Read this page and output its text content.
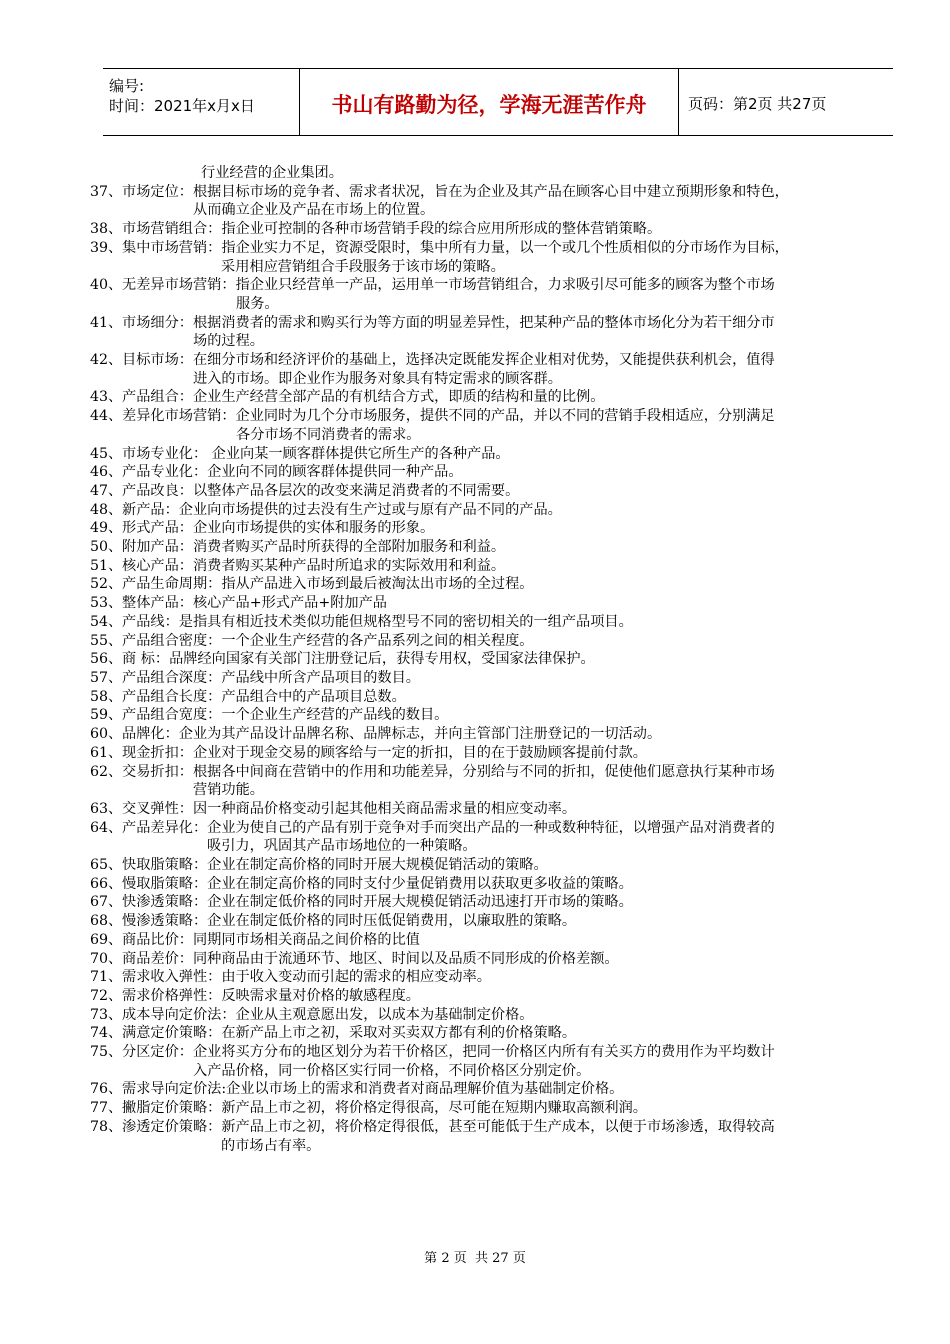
编号:
时间：2021年x月x日	书山有路勤为径，学海无涯苦作舟	页码：第2页 共27页
行业经营的企业集团。
37、 市场定位：根据目标市场的竞争者、需求者状况，旨在为企业及其产品在顾客心目中建立预期形象和特色，
从而确立企业及产品在市场上的位置。
38、 市场营销组合：指企业可控制的各种市场营销手段的综合应用所形成的整体营销策略。
39、 集中市场营销：指企业实力不足，资源受限时，集中所有力量，以一个或几个性质相似的分市场作为目标，
采用相应营销组合手段服务于该市场的策略。
40、 无差异市场营销：指企业只经营单一产品，运用单一市场营销组合，力求吸引尽可能多的顾客为整个市场
服务。
41、 市场细分：根据消费者的需求和购买行为等方面的明显差异性，把某种产品的整体市场化分为若干细分市
场的过程。
42、 目标市场：在细分市场和经济评价的基础上，选择决定既能发挥企业相对优势，又能提供获利机会，值得
进入的市场。即企业作为服务对象具有特定需求的顾客群。
43、 产品组合：企业生产经营全部产品的有机结合方式，即质的结构和量的比例。
44、 差异化市场营销：企业同时为几个分市场服务，提供不同的产品，并以不同的营销手段相适应，分别满足
各分市场不同消费者的需求。
45、 市场专业化： 企业向某一顾客群体提供它所生产的各种产品。
46、 产品专业化：企业向不同的顾客群体提供同一种产品。
47、 产品改良：以整体产品各层次的改变来满足消费者的不同需要。
48、 新产品：企业向市场提供的过去没有生产过或与原有产品不同的产品。
49、 形式产品：企业向市场提供的实体和服务的形象。
50、 附加产品：消费者购买产品时所获得的全部附加服务和利益。
51、 核心产品：消费者购买某种产品时所追求的实际效用和利益。
52、 产品生命周期：指从产品进入市场到最后被淘汰出市场的全过程。
53、 整体产品：核心产品+形式产品+附加产品
54、 产品线：是指具有相近技术类似功能但规格型号不同的密切相关的一组产品项目。
55、 产品组合密度：一个企业生产经营的各产品系列之间的相关程度。
56、 商 标：品牌经向国家有关部门注册登记后，获得专用权，受国家法律保护。
57、 产品组合深度：产品线中所含产品项目的数目。
58、 产品组合长度：产品组合中的产品项目总数。
59、 产品组合宽度：一个企业生产经营的产品线的数目。
60、 品牌化：企业为其产品设计品牌名称、品牌标志，并向主管部门注册登记的一切活动。
61、 现金折扣：企业对于现金交易的顾客给与一定的折扣，目的在于鼓励顾客提前付款。
62、 交易折扣：根据各中间商在营销中的作用和功能差异，分别给与不同的折扣，促使他们愿意执行某种市场
营销功能。
63、 交叉弹性：因一种商品价格变动引起其他相关商品需求量的相应变动率。
64、 产品差异化：企业为使自己的产品有别于竞争对手而突出产品的一种或数种特征，以增强产品对消费者的
吸引力，巩固其产品市场地位的一种策略。
65、 快取脂策略：企业在制定高价格的同时开展大规模促销活动的策略。
66、 慢取脂策略：企业在制定高价格的同时支付少量促销费用以获取更多收益的策略。
67、 快渗透策略：企业在制定低价格的同时开展大规模促销活动迅速打开市场的策略。
68、 慢渗透策略：企业在制定低价格的同时压低促销费用，以廉取胜的策略。
69、 商品比价：同期同市场相关商品之间价格的比值
70、 商品差价：同种商品由于流通环节、地区、时间以及品质不同形成的价格差额。
71、 需求收入弹性：由于收入变动而引起的需求的相应变动率。
72、 需求价格弹性：反映需求量对价格的敏感程度。
73、 成本导向定价法：企业从主观意愿出发，以成本为基础制定价格。
74、 满意定价策略：在新产品上市之初，采取对买卖双方都有利的价格策略。
75、 分区定价：企业将买方分布的地区划分为若干价格区，把同一价格区内所有有关买方的费用作为平均数计
入产品价格，同一价格区实行同一价格，不同价格区分别定价。
76、 需求导向定价法:企业以市场上的需求和消费者对商品理解价值为基础制定价格。
77、 撇脂定价策略：新产品上市之初，将价格定得很高，尽可能在短期内赚取高额利润。
78、 渗透定价策略：新产品上市之初，将价格定得很低，甚至可能低于生产成本，以便于市场渗透，取得较高
的市场占有率。
第 2 页  共 27 页
